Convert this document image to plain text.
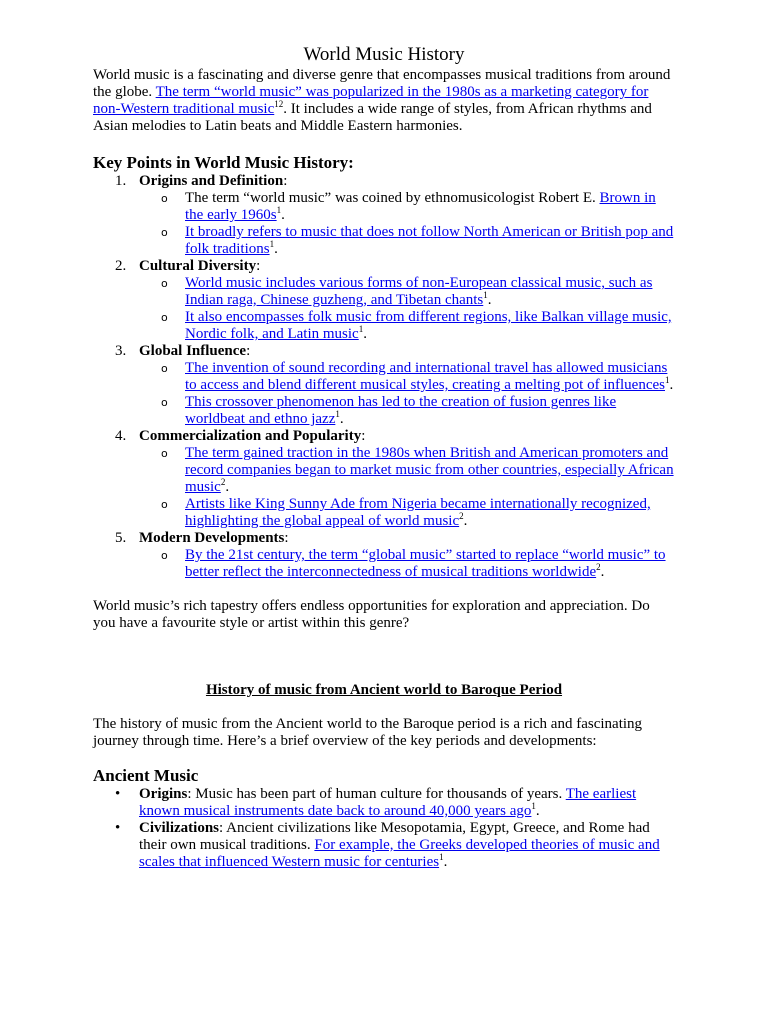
World Music History

World music is a fascinating and diverse genre that encompasses musical traditions from around the globe. The term “world music” was popularized in the 1980s as a marketing category for non-Western traditional music$^{12}$. It includes a wide range of styles, from African rhythms and Asian melodies to Latin beats and Middle Eastern harmonies.

Key Points in World Music History:
1. Origins and Definition:
o The term “world music” was coined by ethnomusicologist Robert E. Brown in the early $1960s^1$.
o It broadly refers to music that does not follow North American or British pop and folk traditions$^1$.
2. Cultural Diversity:
o World music includes various forms of non-European classical music, such as Indian raga, Chinese guzheng, and Tibetan chants$^1$.
o It also encompasses folk music from different regions, like Balkan village music, Nordic folk, and Latin music$^1$.
3. Global Influence:
o The invention of sound recording and international travel has allowed musicians to access and blend different musical styles, creating a melting pot of influences$^1$.
o This crossover phenomenon has led to the creation of fusion genres like worldbeat and ethno jazz$^1$.
4. Commercialization and Popularity:
o The term gained traction in the 1980s when British and American promoters and record companies began to market music from other countries, especially African music$^2$.
o Artists like King Sunny Ade from Nigeria became internationally recognized, highlighting the global appeal of world music$^2$.
5. Modern Developments:
o By the 21st century, the term “global music” started to replace “world music” to better reflect the interconnectedness of musical traditions worldwide$^2$.

World music’s rich tapestry offers endless opportunities for exploration and appreciation. Do you have a favourite style or artist within this genre?

History of music from Ancient world to Baroque Period

The history of music from the Ancient world to the Baroque period is a rich and fascinating journey through time. Here’s a brief overview of the key periods and developments:

Ancient Music
• Origins: Music has been part of human culture for thousands of years. The earliest known musical instruments date back to around 40,000 years ago$^1$.
• Civilizations: Ancient civilizations like Mesopotamia, Egypt, Greece, and Rome had their own musical traditions. For example, the Greeks developed theories of music and scales that influenced Western music for centuries$^1$.
